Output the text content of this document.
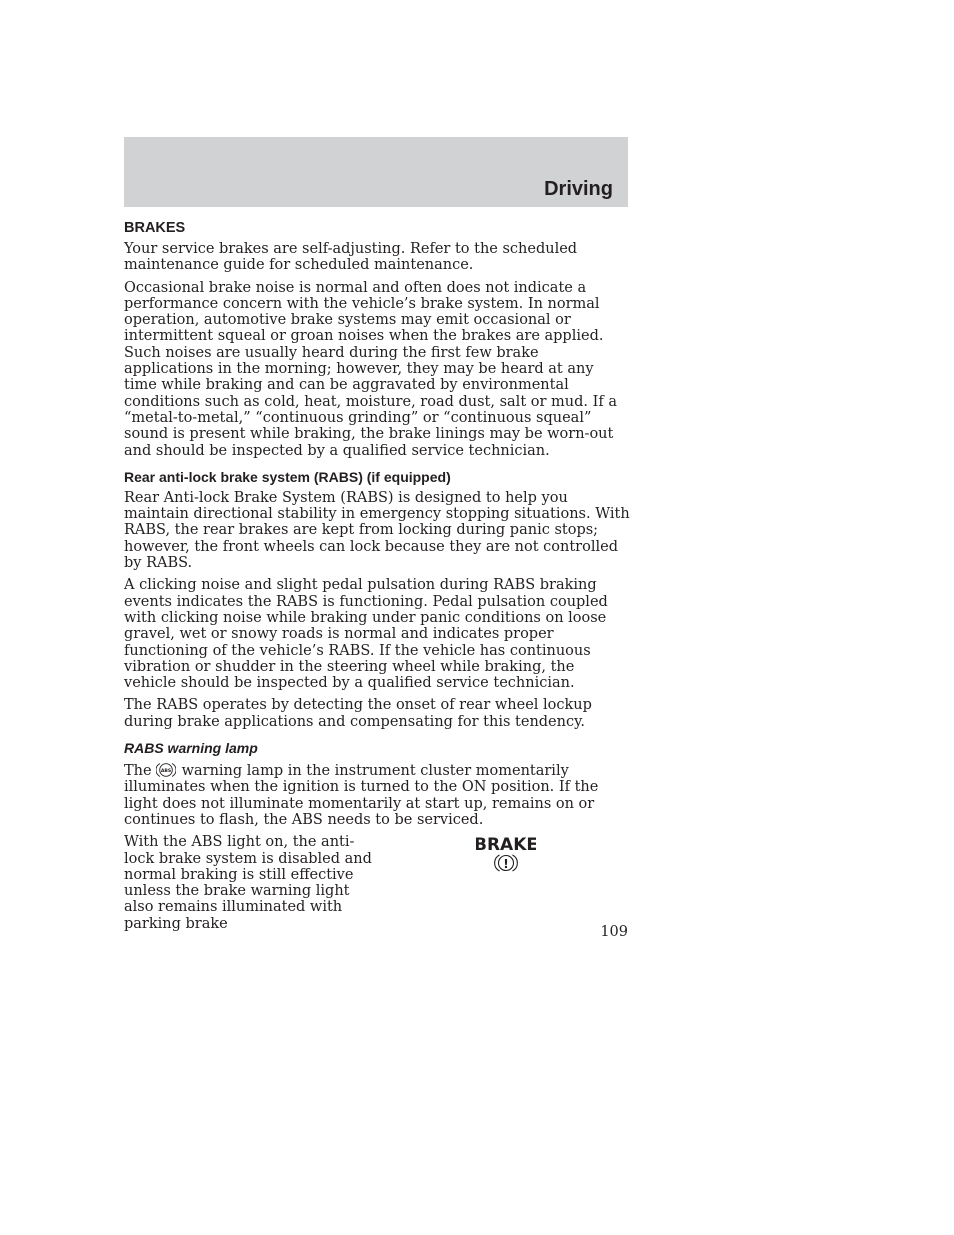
Driving
BRAKES

Your service brakes are self-adjusting. Refer to the scheduled maintenance guide for scheduled maintenance.

Occasional brake noise is normal and often does not indicate a performance concern with the vehicle’s brake system. In normal operation, automotive brake systems may emit occasional or intermittent squeal or groan noises when the brakes are applied. Such noises are usually heard during the first few brake applications in the morning; however, they may be heard at any time while braking and can be aggravated by environmental conditions such as cold, heat, moisture, road dust, salt or mud. If a “metal-to-metal,” “continuous grinding” or “continuous squeal” sound is present while braking, the brake linings may be worn-out and should be inspected by a qualified service technician.

Rear anti-lock brake system (RABS) (if equipped)

Rear Anti-lock Brake System (RABS) is designed to help you maintain directional stability in emergency stopping situations. With RABS, the rear brakes are kept from locking during panic stops; however, the front wheels can lock because they are not controlled by RABS.

A clicking noise and slight pedal pulsation during RABS braking events indicates the RABS is functioning. Pedal pulsation coupled with clicking noise while braking under panic conditions on loose gravel, wet or snowy roads is normal and indicates proper functioning of the vehicle’s RABS. If the vehicle has continuous vibration or shudder in the steering wheel while braking, the vehicle should be inspected by a qualified service technician.

The RABS operates by detecting the onset of rear wheel lockup during brake applications and compensating for this tendency.

RABS warning lamp

The ABS warning lamp in the instrument cluster momentarily illuminates when the ignition is turned to the ON position. If the light does not illuminate momentarily at start up, remains on or continues to flash, the ABS needs to be serviced.

With the ABS light on, the anti-lock brake system is disabled and normal braking is still effective unless the brake warning light also remains illuminated with parking brake

BRAKE
!
109
